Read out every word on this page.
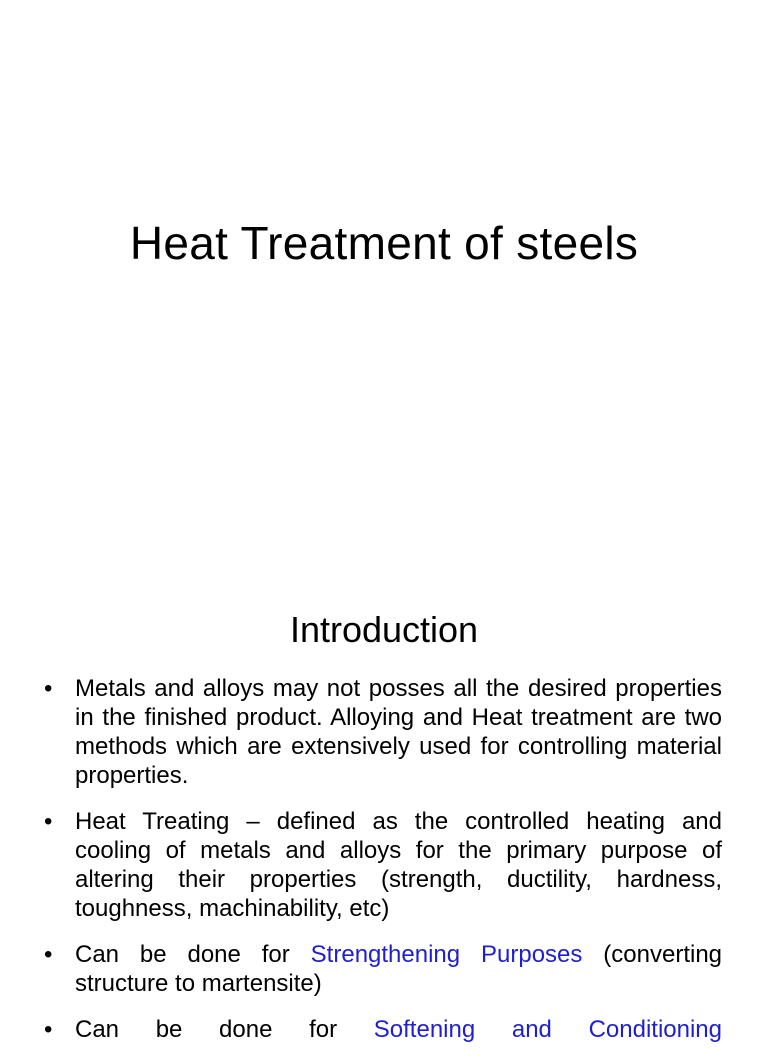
Heat Treatment of steels
Introduction
• Metals and alloys may not posses all the desired properties in the finished product. Alloying and Heat treatment are two methods which are extensively used for controlling material properties.
• Heat Treating – defined as the controlled heating and cooling of metals and alloys for the primary purpose of altering their properties (strength, ductility, hardness, toughness, machinability, etc)
• Can be done for Strengthening Purposes (converting structure to martensite)
• Can be done for Softening and Conditioning
